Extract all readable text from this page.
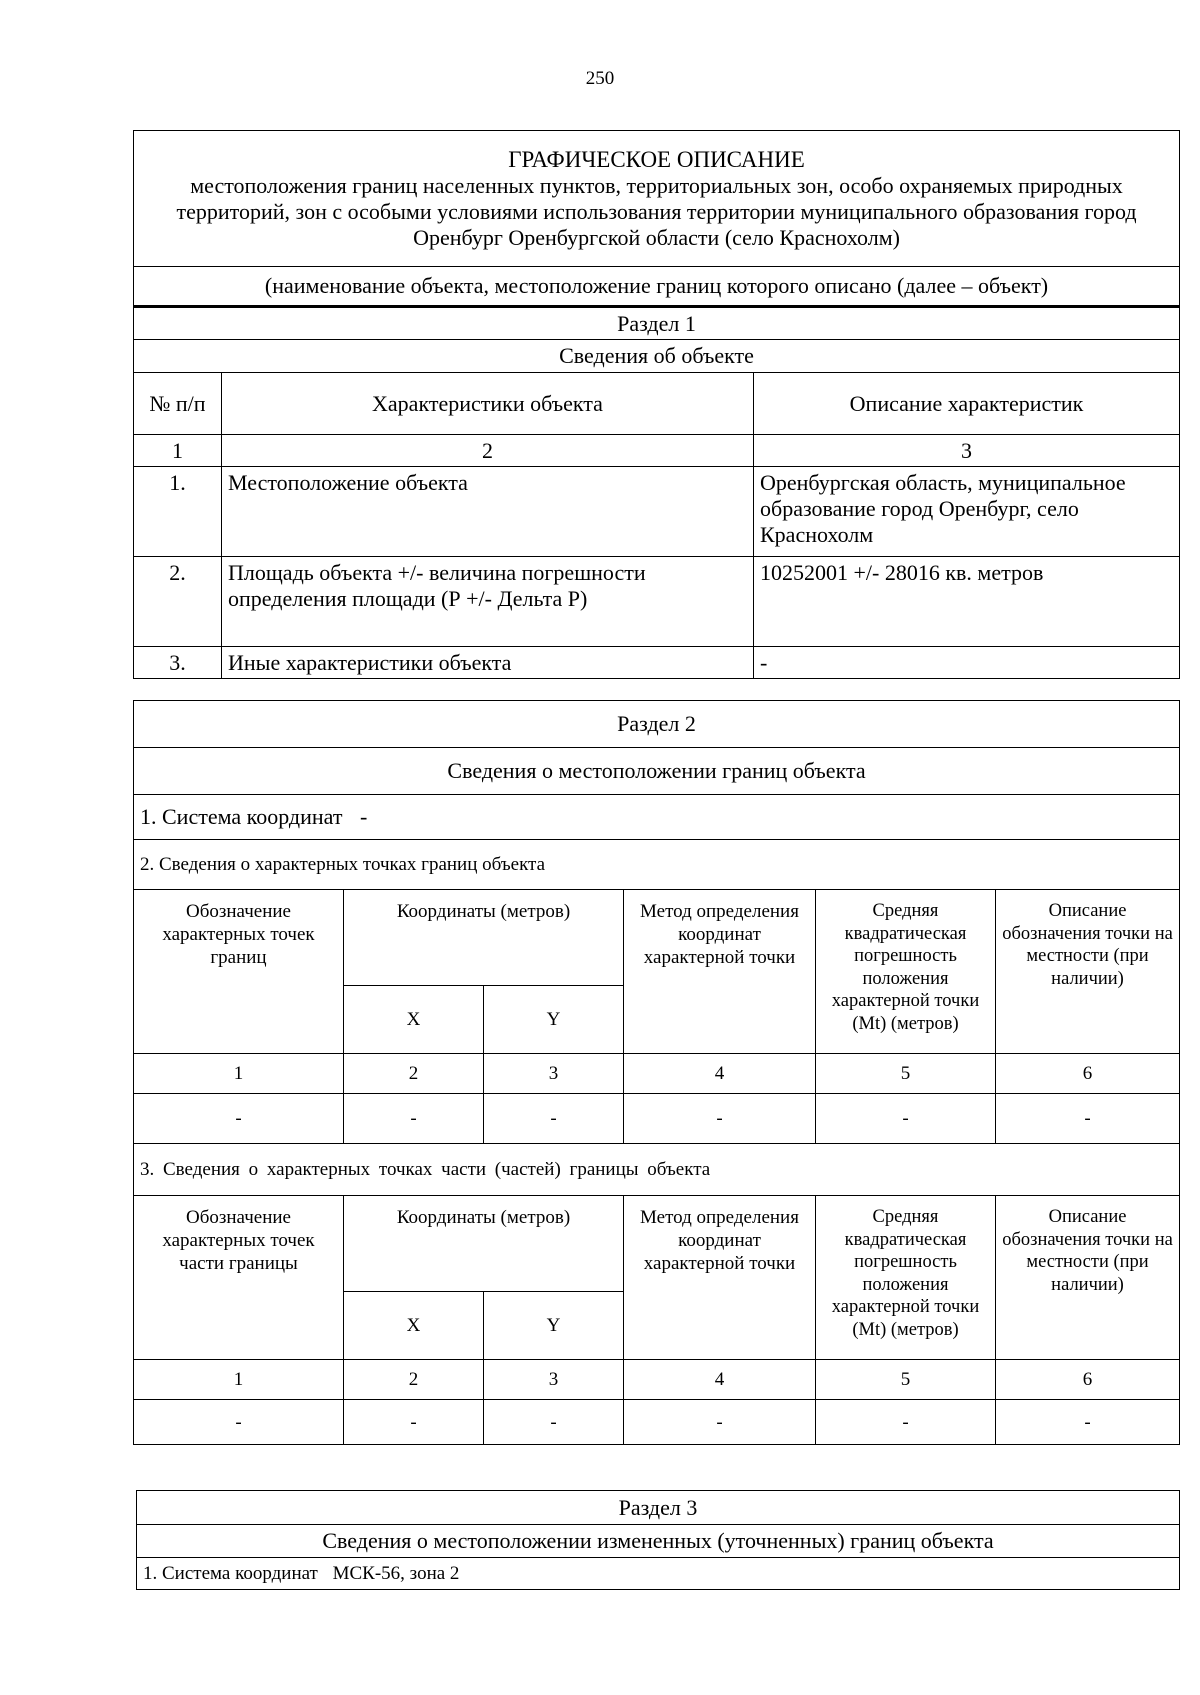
250
ГРАФИЧЕСКОЕ ОПИСАНИЕ
местоположения границ населенных пунктов, территориальных зон, особо охраняемых природных территорий, зон с особыми условиями использования территории муниципального образования город Оренбург Оренбургской области (село Краснохолм)		

(наименование объекта, местоположение границ которого описано (далее – объект)		
Раздел 1		
Сведения об объекте		
№ п/п	Характеристики объекта	Описание характеристик
1	2	3
1.	Местоположение объекта	Оренбургская область, муниципальное образование город Оренбург, село Краснохолм
2.	Площадь объекта +/- величина погрешности определения площади (Р +/- Дельта Р)	10252001 +/- 28016 кв. метров
3.	Иные характеристики объекта	-
Раздел 2					
Сведения о местоположении границ объекта					
1. Система координат -					
2. Сведения о характерных точках границ объекта					
Обозначение характерных точек границ	Координаты (метров)		Метод определения координат характерной точки	Средняя квадратическая погрешность положения характерной точки (Мt) (метров)	Описание обозначения точки на местности (при наличии)
	X	Y			
1	2	3	4	5	6
-	-	-	-	-	-
3. Сведения о характерных точках части (частей) границы объекта					
Обозначение характерных точек части границы	Координаты (метров)		Метод определения координат характерной точки	Средняя квадратическая погрешность положения характерной точки (Мt) (метров)	Описание обозначения точки на местности (при наличии)
	X	Y			
1	2	3	4	5	6
-	-	-	-	-	-
Раздел 3
Сведения о местоположении измененных (уточненных) границ объекта
1. Система координат МСК-56, зона 2
